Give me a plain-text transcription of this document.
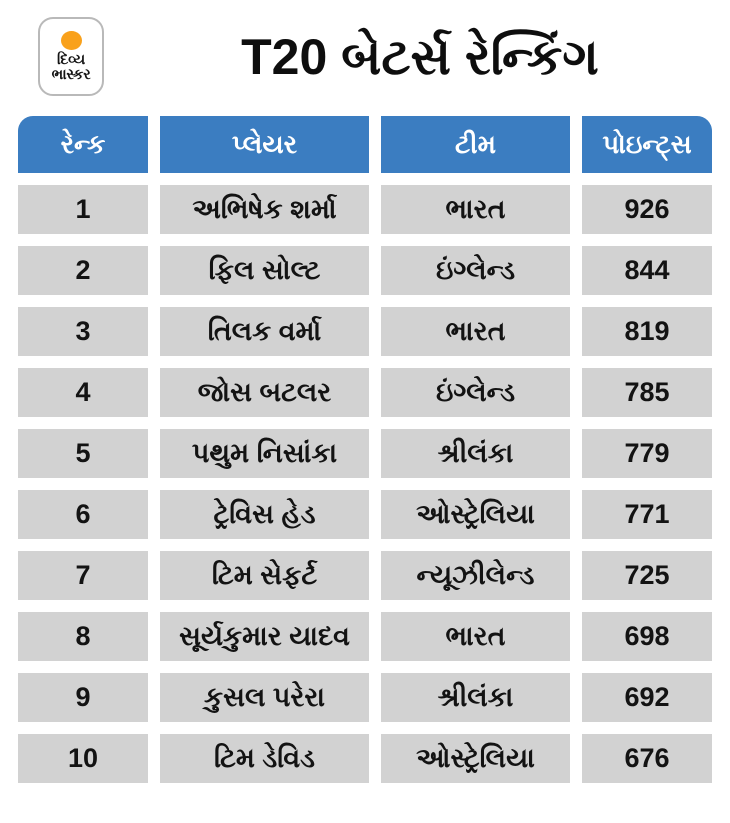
દિવ્ય
ભાસ્કર	T20 બેટર્સ રેન્કિંગ
રેન્ક	પ્લેયર	ટીમ	પોઇન્ટ્સ
1	અભિષેક શર્મા	ભારત	926
2	ફિલ સોલ્ટ	ઇંગ્લેન્ડ	844
3	તિલક વર્મા	ભારત	819
4	જોસ બટલર	ઇંગ્લેન્ડ	785
5	પથુમ નિસાંકા	શ્રીલંકા	779
6	ટ્રેવિસ હેડ	ઓસ્ટ્રેલિયા	771
7	ટિમ સેફર્ટ	ન્યૂઝીલેન્ડ	725
8	સૂર્યકુમાર યાદવ	ભારત	698
9	કુસલ પરેરા	શ્રીલંકા	692
10	ટિમ ડેવિડ	ઓસ્ટ્રેલિયા	676
